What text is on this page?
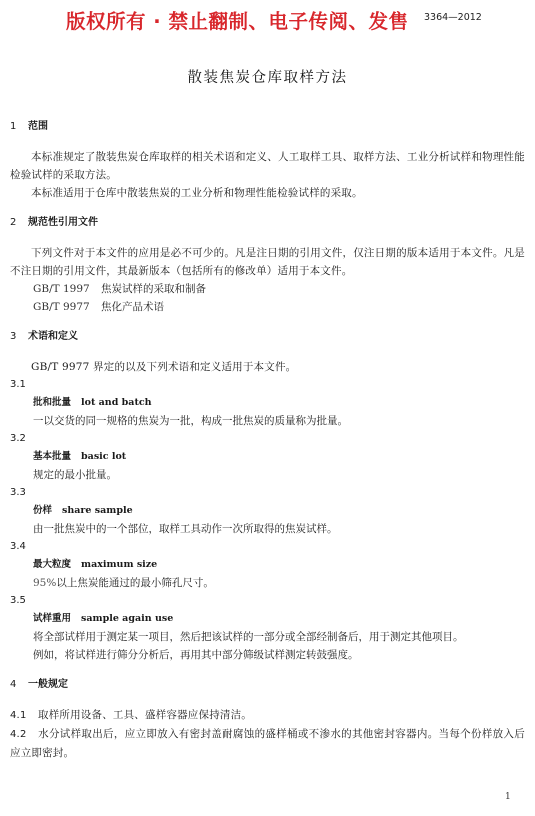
版权所有 · 禁止翻制、电子传阅、发售 3364—2012
散装焦炭仓库取样方法

1 范围

本标准规定了散装焦炭仓库取样的相关术语和定义、人工取样工具、取样方法、工业分析试样和物理性能检验试样的采取方法。

本标准适用于仓库中散装焦炭的工业分析和物理性能检验试样的采取。

2 规范性引用文件

下列文件对于本文件的应用是必不可少的。凡是注日期的引用文件，仅注日期的版本适用于本文件。凡是不注日期的引用文件，其最新版本（包括所有的修改单）适用于本文件。

GB/T 1997 焦炭试样的采取和制备

GB/T 9977 焦化产品术语

3 术语和定义

GB/T 9977 界定的以及下列术语和定义适用于本文件。

3.1

批和批量 lot and batch

一以交货的同一规格的焦炭为一批，构成一批焦炭的质量称为批量。

3.2

基本批量 basic lot

规定的最小批量。

3.3

份样 share sample

由一批焦炭中的一个部位，取样工具动作一次所取得的焦炭试样。

3.4

最大粒度 maximum size

95%以上焦炭能通过的最小筛孔尺寸。

3.5

试样重用 sample again use

将全部试样用于测定某一项目，然后把该试样的一部分或全部经制备后，用于测定其他项目。

例如，将试样进行筛分分析后，再用其中部分筛级试样测定转鼓强度。

4 一般规定

4.1 取样所用设备、工具、盛样容器应保持清洁。

4.2 水分试样取出后，应立即放入有密封盖耐腐蚀的盛样桶或不渗水的其他密封容器内。当每个份样放入后应立即密封。

1
